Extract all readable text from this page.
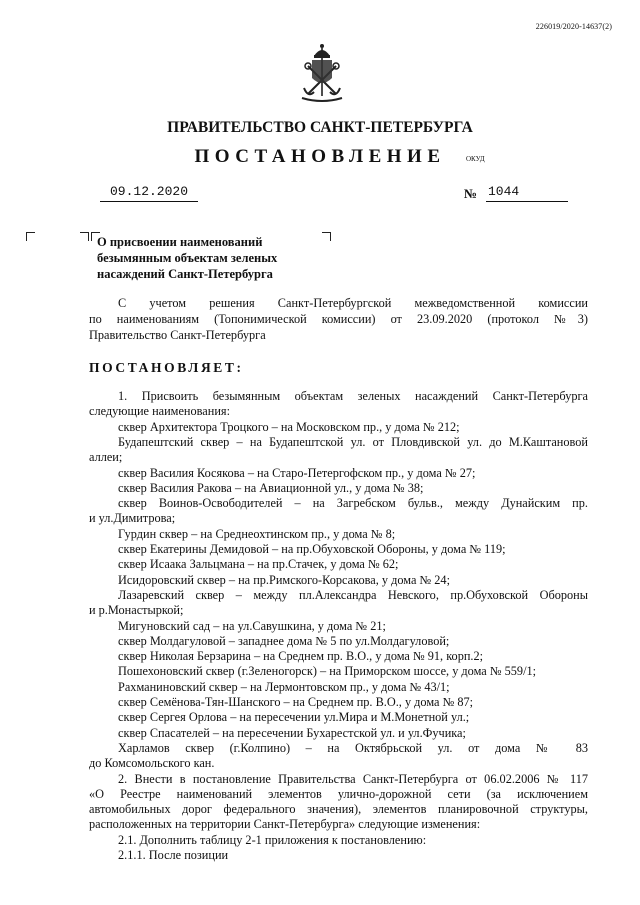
226019/2020-14637(2)
ПРАВИТЕЛЬСТВО САНКТ-ПЕТЕРБУРГА
ПОСТАНОВЛЕНИЕ	ОКУД
09.12.2020	№ 1044
О присвоении наименований
безымянным объектам зеленых
насаждений Санкт-Петербурга
С учетом решения Санкт-Петербургской межведомственной комиссии
по наименованиям (Топонимической комиссии) от 23.09.2020 (протокол №3)
Правительство Санкт-Петербурга
ПОСТАНОВЛЯЕТ:
1. Присвоить безымянным объектам зеленых насаждений Санкт-Петербурга
следующие наименования:
сквер Архитектора Троцкого – на Московском пр., у дома № 212;
Будапештский сквер – на Будапештской ул. от Пловдивской ул. до М.Каштановой
аллеи;
сквер Василия Косякова – на Старо-Петергофском пр., у дома № 27;
сквер Василия Ракова – на Авиационной ул., у дома № 38;
сквер Воинов-Освободителей – на Загребском бульв., между Дунайским пр.
и ул.Димитрова;
Гурдин сквер – на Среднеохтинском пр., у дома № 8;
сквер Екатерины Демидовой – на пр.Обуховской Обороны, у дома № 119;
сквер Исаака Зальцмана – на пр.Стачек, у дома № 62;
Исидоровский сквер – на пр.Римского-Корсакова, у дома № 24;
Лазаревский сквер – между пл.Александра Невского, пр.Обуховской Обороны
и р.Монастыркой;
Мигуновский сад – на ул.Савушкина, у дома № 21;
сквер Молдагуловой – западнее дома № 5 по ул.Молдагуловой;
сквер Николая Берзарина – на Среднем пр. В.О., у дома № 91, корп.2;
Пошехоновский сквер (г.Зеленогорск) – на Приморском шоссе, у дома № 559/1;
Рахманиновский сквер – на Лермонтовском пр., у дома № 43/1;
сквер Семёнова-Тян-Шанского – на Среднем пр. В.О., у дома № 87;
сквер Сергея Орлова – на пересечении ул.Мира и М.Монетной ул.;
сквер Спасателей – на пересечении Бухарестской ул. и ул.Фучика;
Харламов сквер (г.Колпино) – на Октябрьской ул. от дома № 83
до Комсомольского кан.
2. Внести в постановление Правительства Санкт-Петербурга от 06.02.2006 № 117
«О Реестре наименований элементов улично-дорожной сети (за исключением
автомобильных дорог федерального значения), элементов планировочной структуры,
расположенных на территории Санкт-Петербурга» следующие изменения:
2.1. Дополнить таблицу 2-1 приложения к постановлению:
2.1.1. После позиции
